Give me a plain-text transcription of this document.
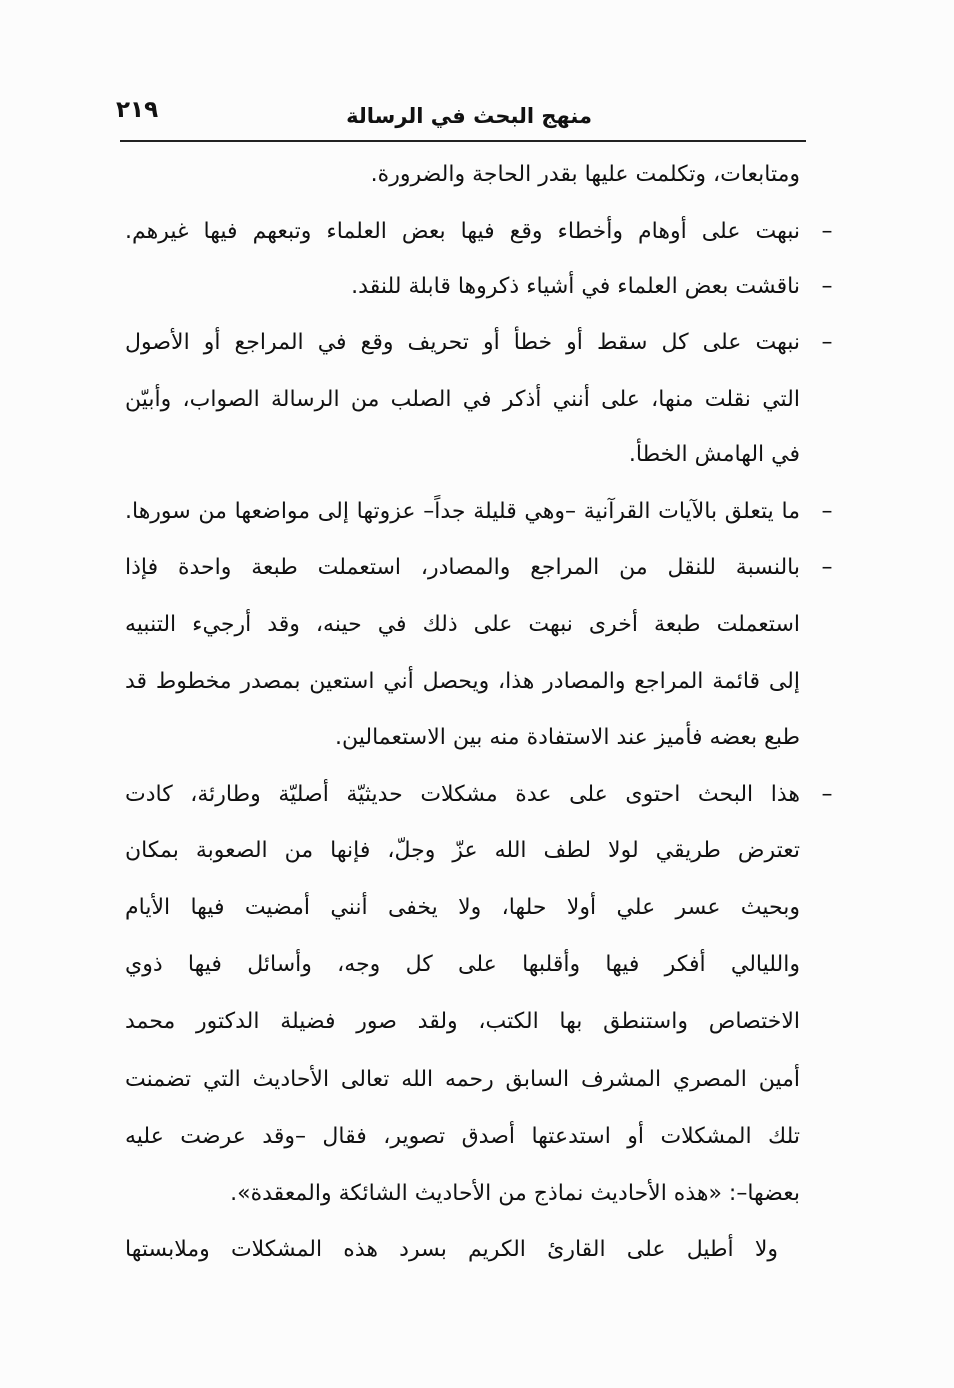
منهج البحث في الرسالة
٢١٩
ومتابعات، وتكلمت عليها بقدر الحاجة والضرورة.
–
نبهت على أوهام وأخطاء وقع فيها بعض العلماء وتبعهم فيها غيرهم.
–
ناقشت بعض العلماء في أشياء ذكروها قابلة للنقد.
–
نبهت على كل سقط أو خطأ أو تحريف وقع في المراجع أو الأصول
التي نقلت منها، على أنني أذكر في الصلب من الرسالة الصواب، وأبيّن
في الهامش الخطأ.
–
ما يتعلق بالآيات القرآنية –وهي قليلة جداً– عزوتها إلى مواضعها من سورها.
–
بالنسبة للنقل من المراجع والمصادر، استعملت طبعة واحدة فإذا
استعملت طبعة أخرى نبهت على ذلك في حينه، وقد أرجيء التنبيه
إلى قائمة المراجع والمصادر هذا، ويحصل أني استعين بمصدر مخطوط قد
طبع بعضه فأميز عند الاستفادة منه بين الاستعمالين.
–
هذا البحث احتوى على عدة مشكلات حديثيّة أصليّة وطارئة، كادت
تعترض طريقي لولا لطف الله عزّ وجلّ، فإنها من الصعوبة بمكان
وبحيث عسر علي أولا حلها، ولا يخفى أنني أمضيت فيها الأيام
والليالي أفكر فيها وأقلبها على كل وجه، وأسائل فيها ذوي
الاختصاص واستنطق بها الكتب، ولقد صور فضيلة الدكتور محمد
أمين المصري المشرف السابق رحمه الله تعالى الأحاديث التي تضمنت
تلك المشكلات أو استدعتها أصدق تصوير، فقال –وقد عرضت عليه
بعضها–: «هذه الأحاديث نماذج من الأحاديث الشائكة والمعقدة».
ولا أطيل على القارئ الكريم بسرد هذه المشكلات وملابستها
